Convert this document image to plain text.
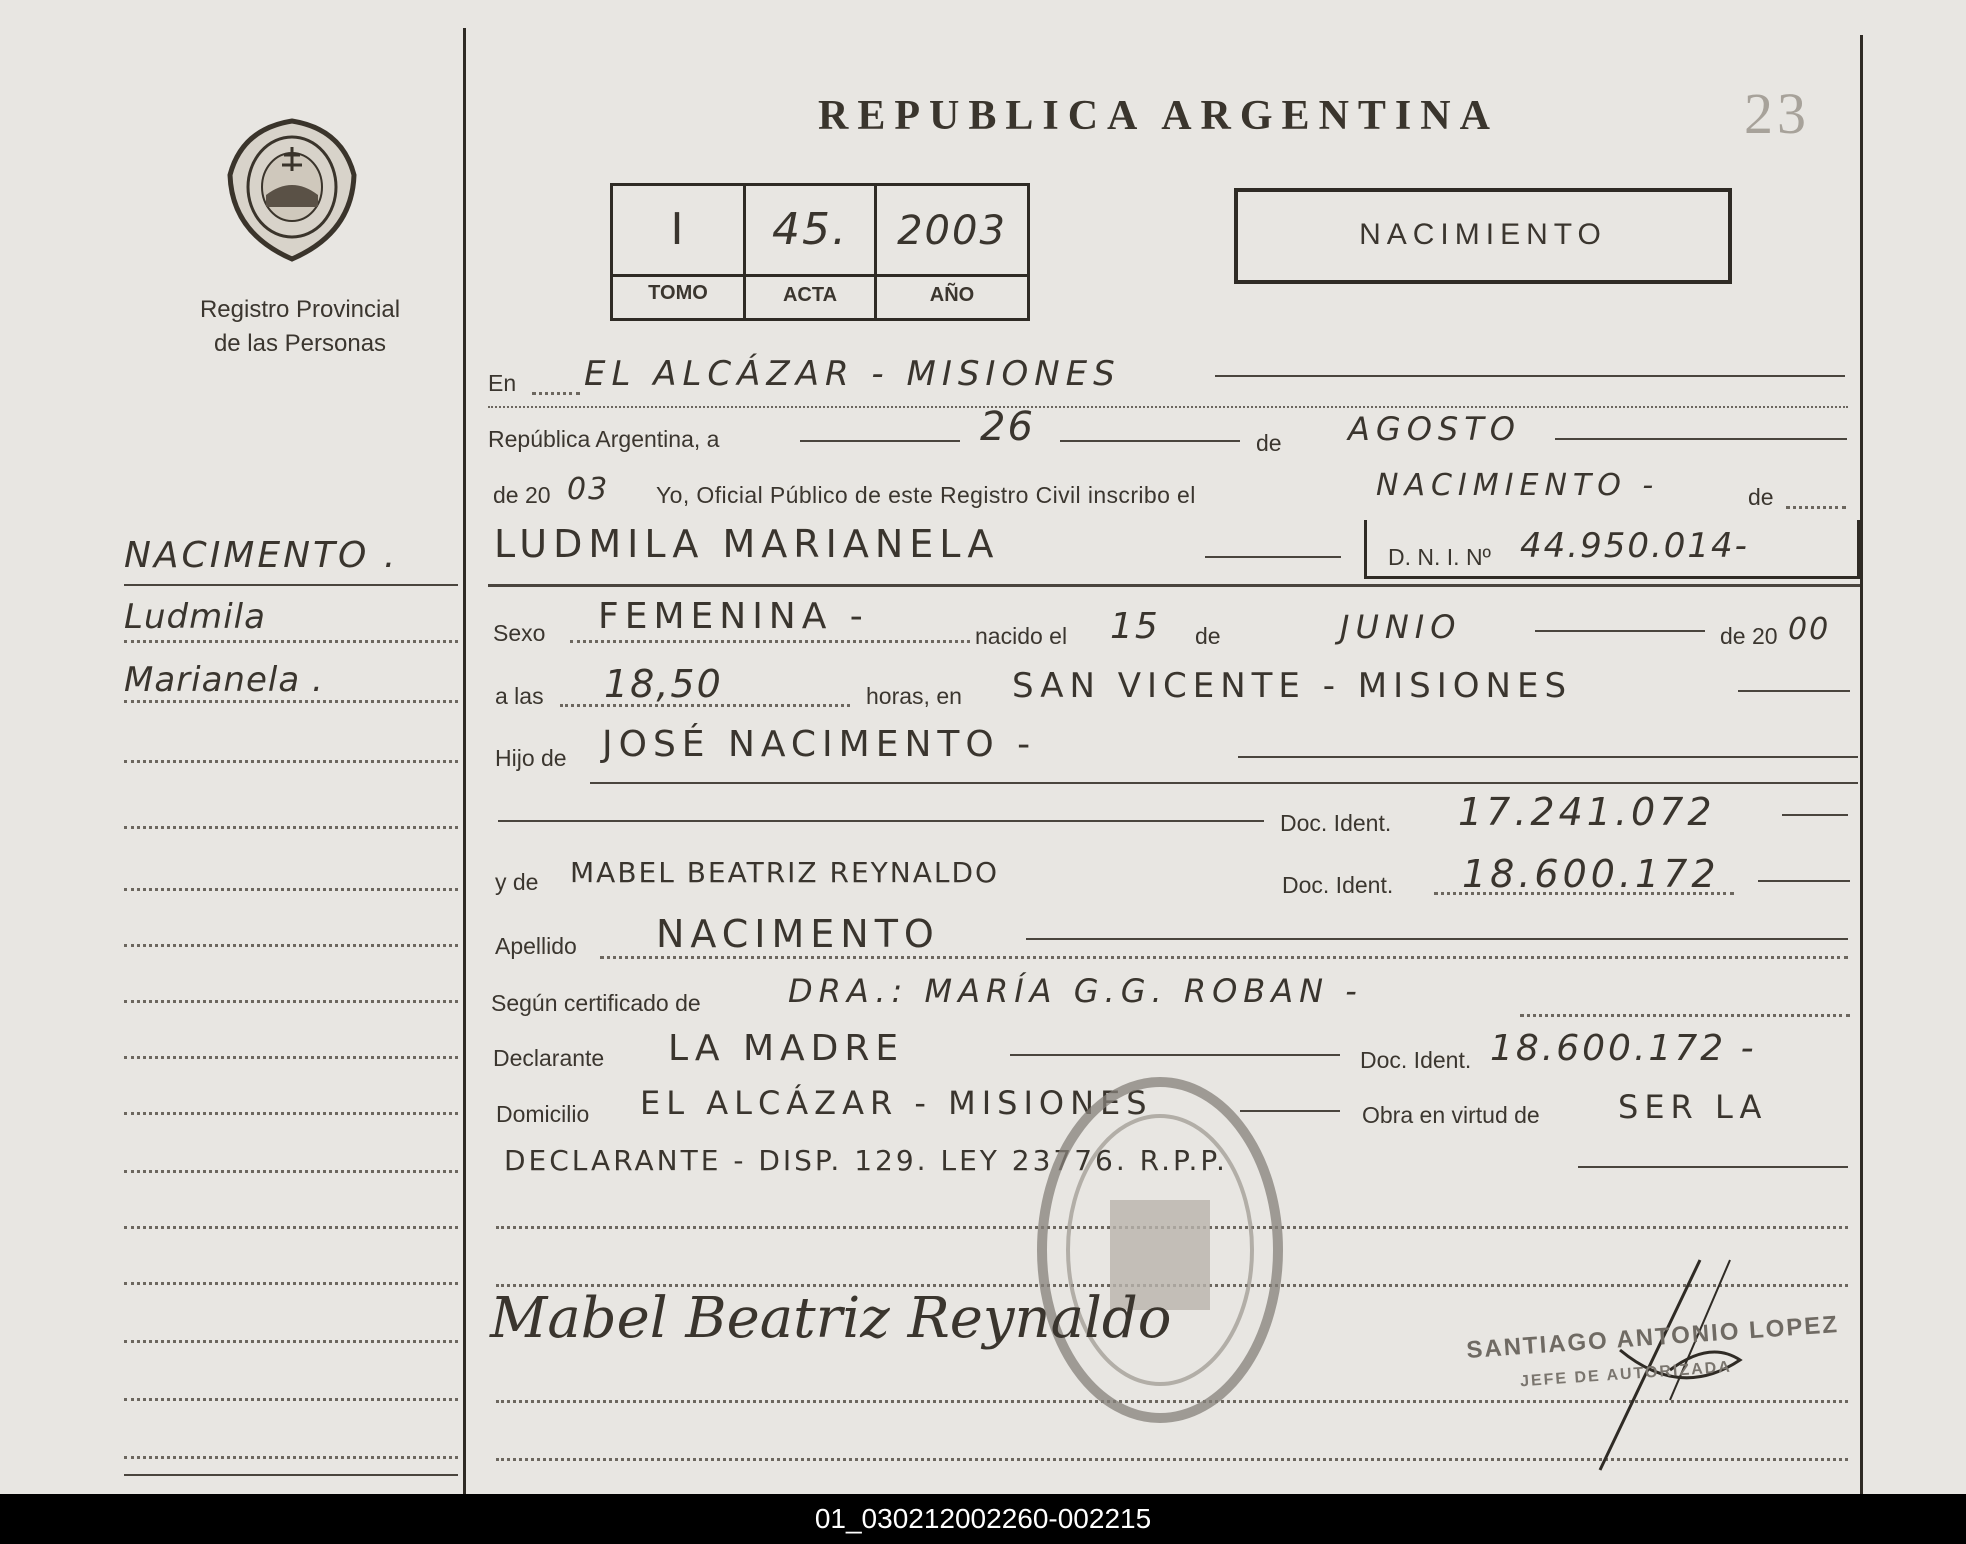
Registro Provincial
de las Personas
REPUBLICA ARGENTINA	23
I	45.	2003
TOMO	ACTA	AÑO
NACIMIENTO
NACIMENTO .
Ludmila
Marianela .
En EL ALCÁZAR - MISIONES
República Argentina, a	26	de AGOSTO
de 20 03 Yo, Oficial Público de este Registro Civil inscribo el	NACIMIENTO -	de
LUDMILA MARIANELA	D. N. I. Nº 44.950.014-
Sexo FEMENINA -	nacido el 15 de	JUNIO	de 20 00
a las 18,50	horas, en SAN VICENTE - MISIONES
Hijo de JOSÉ NACIMENTO -
Doc. Ident. 17.241.072
y de MABEL BEATRIZ REYNALDO	Doc. Ident. 18.600.172
Apellido NACIMENTO
Según certificado de	DRA.: MARÍA G.G. ROBAN -
Declarante LA MADRE	Doc. Ident. 18.600.172 -
Domicilio EL ALCÁZAR - MISIONES	Obra en virtud de SER LA
DECLARANTE - DISP. 129. LEY 23776. R.P.P.
Mabel Beatriz Reynaldo	SANTIAGO ANTONIO LOPEZ
JEFE DE AUTORIZADA
01_030212002260-002215
